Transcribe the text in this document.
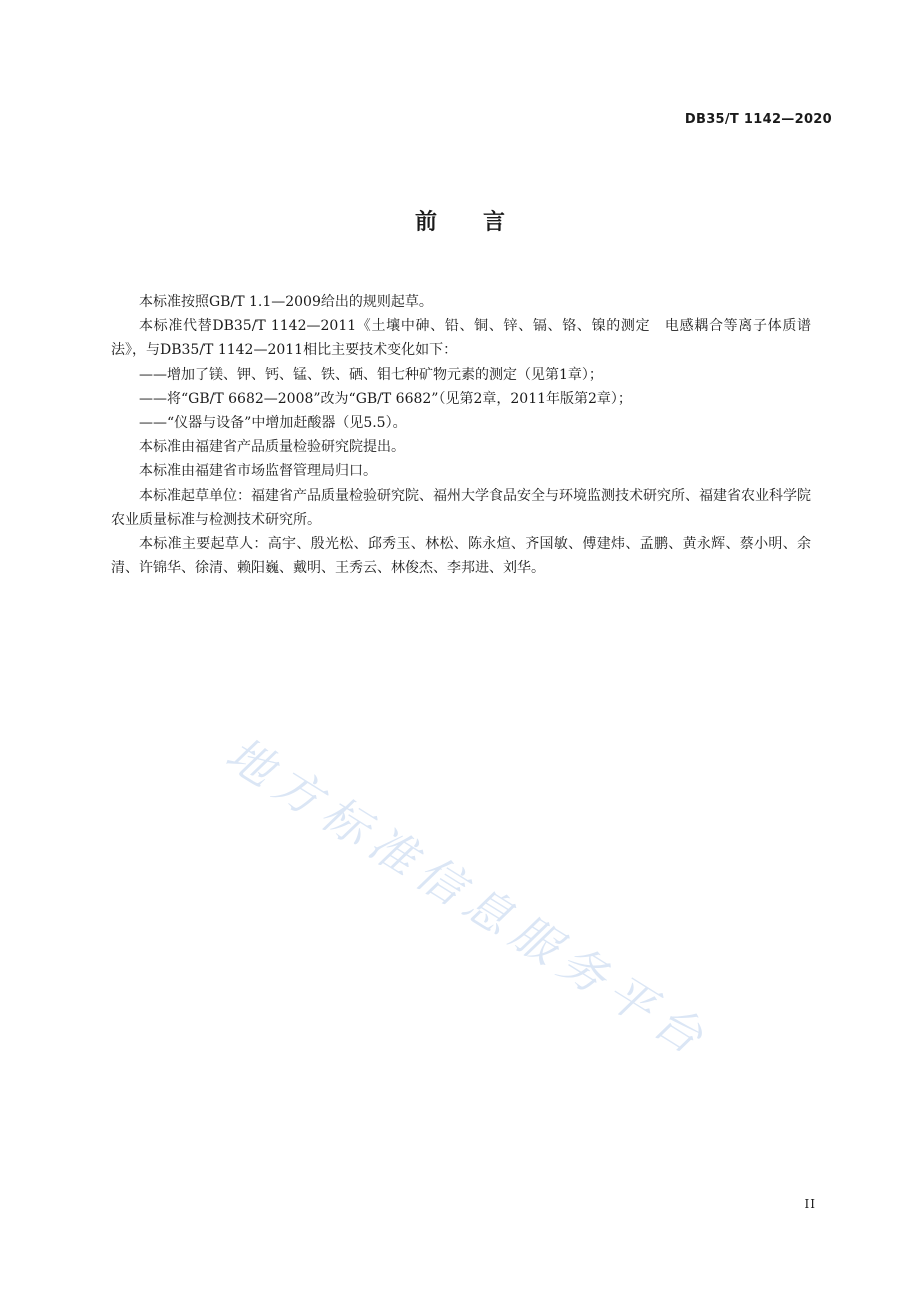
DB35/T 1142—2020
前 言

本标准按照GB/T 1.1—2009给出的规则起草。

本标准代替DB35/T 1142—2011《土壤中砷、铅、铜、锌、镉、铬、镍的测定　电感耦合等离子体质谱法》，与DB35/T 1142—2011相比主要技术变化如下：

——增加了镁、钾、钙、锰、铁、硒、钼七种矿物元素的测定（见第1章）；

——将“GB/T 6682—2008”改为“GB/T 6682”（见第2章，2011年版第2章）；

——“仪器与设备”中增加赶酸器（见5.5）。

本标准由福建省产品质量检验研究院提出。

本标准由福建省市场监督管理局归口。

本标准起草单位：福建省产品质量检验研究院、福州大学食品安全与环境监测技术研究所、福建省农业科学院农业质量标准与检测技术研究所。

本标准主要起草人：高宇、殷光松、邱秀玉、林松、陈永煊、齐国敏、傅建炜、孟鹏、黄永辉、蔡小明、余清、许锦华、徐清、赖阳巍、戴明、王秀云、林俊杰、李邦进、刘华。

地方标准信息服务平台
II
